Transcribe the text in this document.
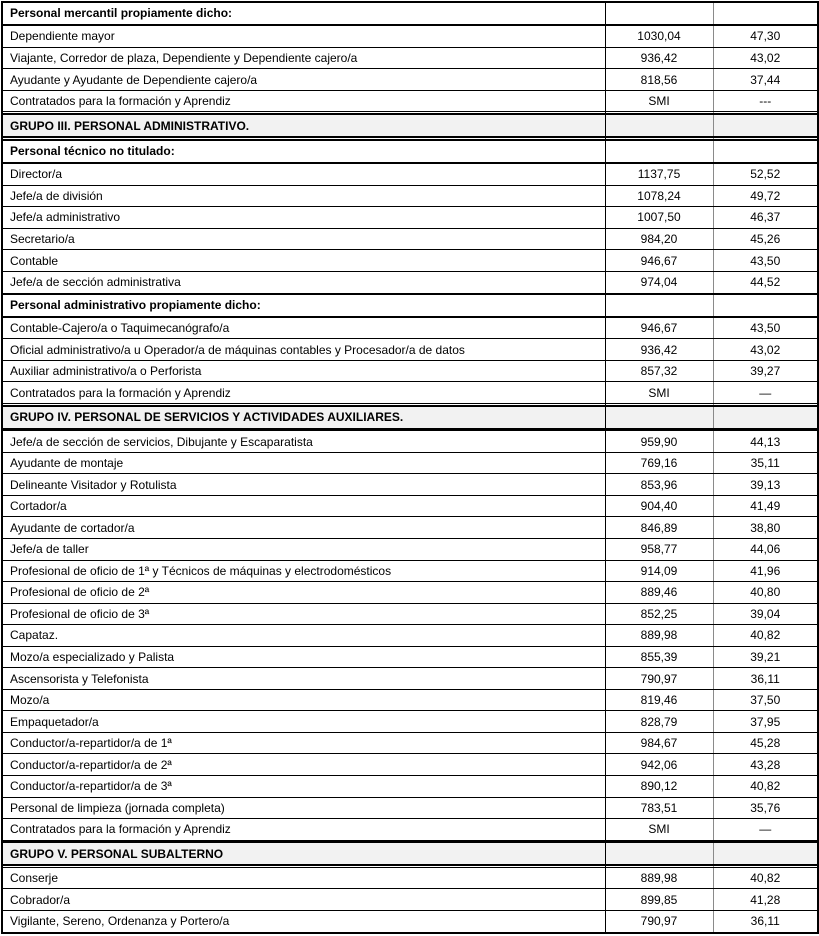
Personal mercantil propiamente dicho:		
Dependiente mayor	1030,04	47,30
Viajante, Corredor de plaza, Dependiente y Dependiente cajero/a	936,42	43,02
Ayudante y Ayudante de Dependiente cajero/a	818,56	37,44
Contratados para la formación y Aprendiz	SMI	---

GRUPO III. PERSONAL ADMINISTRATIVO.		

Personal técnico no titulado:		
Director/a	1137,75	52,52
Jefe/a de división	1078,24	49,72
Jefe/a administrativo	1007,50	46,37
Secretario/a	984,20	45,26
Contable	946,67	43,50
Jefe/a de sección administrativa	974,04	44,52
Personal administrativo propiamente dicho:		
Contable-Cajero/a o Taquimecanógrafo/a	946,67	43,50
Oficial administrativo/a u Operador/a de máquinas contables y Procesador/a de datos	936,42	43,02
Auxiliar administrativo/a o Perforista	857,32	39,27
Contratados para la formación y Aprendiz	SMI	—

GRUPO IV. PERSONAL DE SERVICIOS Y ACTIVIDADES AUXILIARES.		

Jefe/a de sección de servicios, Dibujante y Escaparatista	959,90	44,13
Ayudante de montaje	769,16	35,11
Delineante Visitador y Rotulista	853,96	39,13
Cortador/a	904,40	41,49
Ayudante de cortador/a	846,89	38,80
Jefe/a de taller	958,77	44,06
Profesional de oficio de 1ª y Técnicos de máquinas y electrodomésticos	914,09	41,96
Profesional de oficio de 2ª	889,46	40,80
Profesional de oficio de 3ª	852,25	39,04
Capataz.	889,98	40,82
Mozo/a especializado y Palista	855,39	39,21
Ascensorista y Telefonista	790,97	36,11
Mozo/a	819,46	37,50
Empaquetador/a	828,79	37,95
Conductor/a-repartidor/a de 1ª	984,67	45,28
Conductor/a-repartidor/a de 2ª	942,06	43,28
Conductor/a-repartidor/a de 3ª	890,12	40,82
Personal de limpieza (jornada completa)	783,51	35,76
Contratados para la formación y Aprendiz	SMI	—

GRUPO V. PERSONAL SUBALTERNO		

Conserje	889,98	40,82
Cobrador/a	899,85	41,28
Vigilante, Sereno, Ordenanza y Portero/a	790,97	36,11
